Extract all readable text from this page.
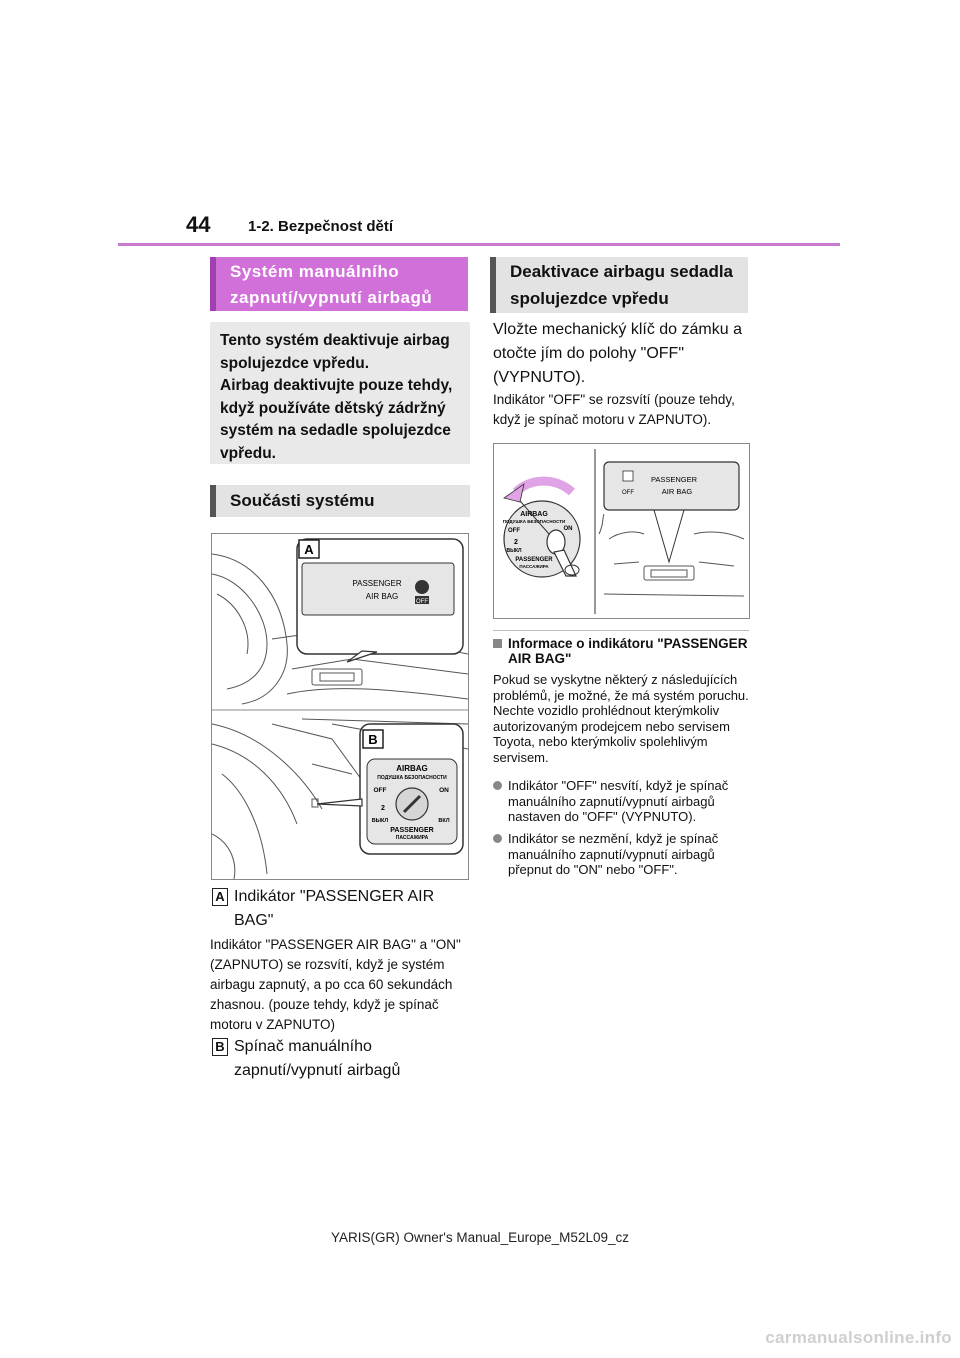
44	1-2. Bezpečnost dětí
Systém manuálního zapnutí/vypnutí airbagů
Tento systém deaktivuje airbag
spolujezdce vpředu.
Airbag deaktivujte pouze tehdy,
když používáte dětský zádržný
systém na sedadle spolujezdce
vpředu.
Součásti systému
A
PASSENGER
AIR BAG
OFF
B
AIRBAG
ПОДУШКА БЕЗОПАСНОСТИ
OFF	ON
2
ВЫКЛ	ВКЛ
PASSENGER
ПАССАЖИРА
A Indikátor "PASSENGER AIR BAG"
Indikátor "PASSENGER AIR BAG" a "ON" (ZAPNUTO) se rozsvítí, když je systém airbagu zapnutý, a po cca 60 sekundách zhasnou. (pouze tehdy, když je spínač motoru v ZAPNUTO)
B Spínač manuálního zapnutí/vypnutí airbagů
Deaktivace airbagu sedadla spolujezdce vpředu
Vložte mechanický klíč do zámku a otočte jím do polohy "OFF" (VYPNUTO).
Indikátor "OFF" se rozsvítí (pouze tehdy, když je spínač motoru v ZAPNUTO).
AIRBAG
ПОДУШКА БЕЗОПАСНОСТИ
OFF	ON
2
ВЫКЛ
PASSENGER
ПАССАЖИРА
OFF
PASSENGER
AIR BAG
Informace o indikátoru "PASSENGER AIR BAG"
Pokud se vyskytne některý z následujících problémů, je možné, že má systém poruchu. Nechte vozidlo prohlédnout kterýmkoliv autorizovaným prodejcem nebo servisem Toyota, nebo kterýmkoliv spolehlivým servisem.
Indikátor "OFF" nesvítí, když je spínač manuálního zapnutí/vypnutí airbagů nastaven do "OFF" (VYPNUTO).
Indikátor se nezmění, když je spínač manuálního zapnutí/vypnutí airbagů přepnut do "ON" nebo "OFF".
YARIS(GR) Owner's Manual_Europe_M52L09_cz
carmanualsonline.info
